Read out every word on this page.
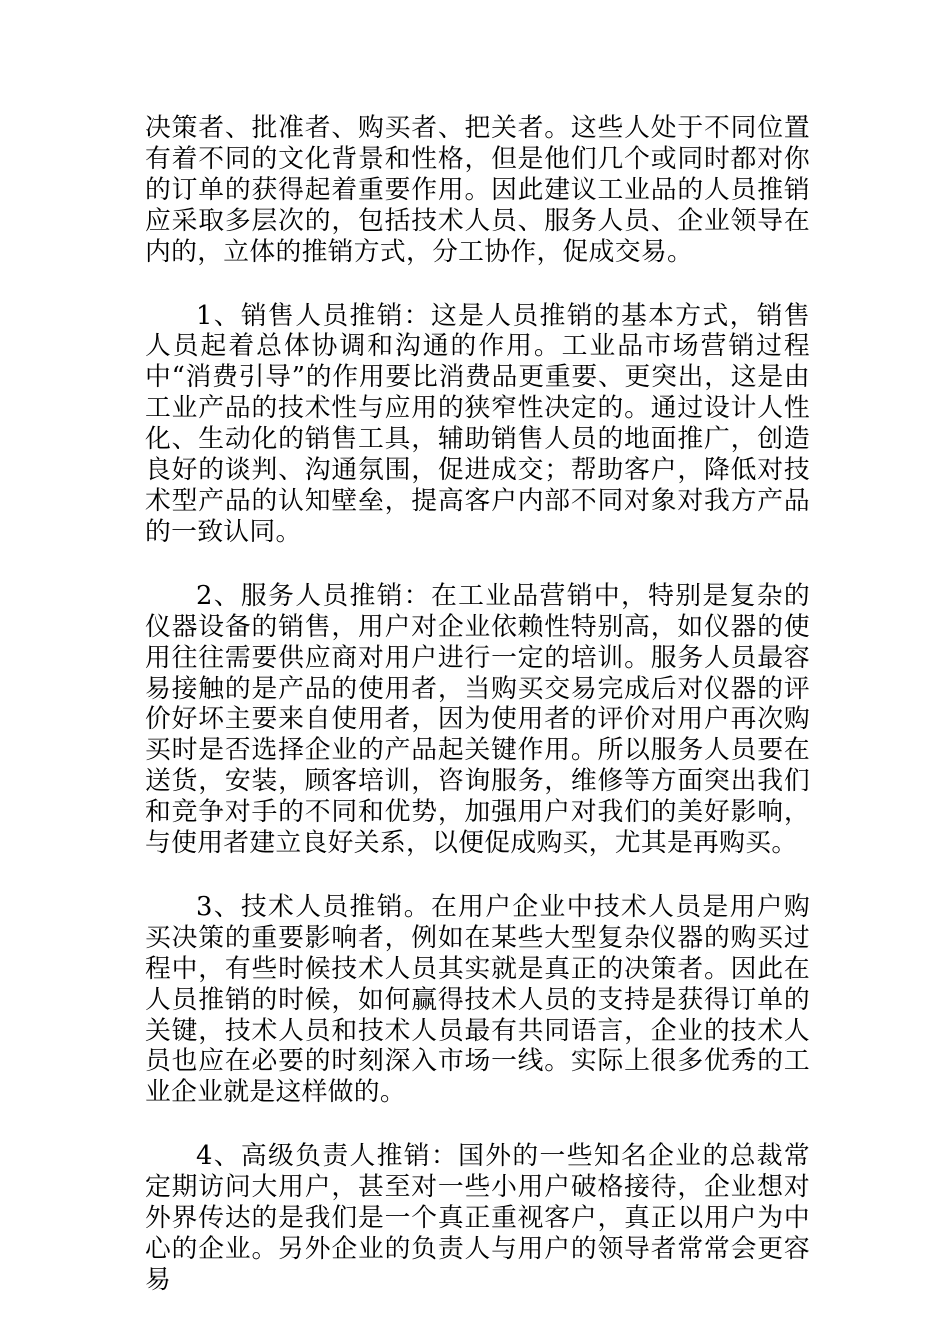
决策者、批准者、购买者、把关者。这些人处于不同位置有着不同的文化背景和性格，但是他们几个或同时都对你的订单的获得起着重要作用。因此建议工业品的人员推销应采取多层次的，包括技术人员、服务人员、企业领导在内的，立体的推销方式，分工协作，促成交易。

1、销售人员推销：这是人员推销的基本方式，销售人员起着总体协调和沟通的作用。工业品市场营销过程中“消费引导”的作用要比消费品更重要、更突出，这是由工业产品的技术性与应用的狭窄性决定的。通过设计人性化、生动化的销售工具，辅助销售人员的地面推广，创造良好的谈判、沟通氛围，促进成交；帮助客户，降低对技术型产品的认知壁垒，提高客户内部不同对象对我方产品的一致认同。

2、服务人员推销：在工业品营销中，特别是复杂的仪器设备的销售，用户对企业依赖性特别高，如仪器的使用往往需要供应商对用户进行一定的培训。服务人员最容易接触的是产品的使用者，当购买交易完成后对仪器的评价好坏主要来自使用者，因为使用者的评价对用户再次购买时是否选择企业的产品起关键作用。所以服务人员要在送货，安装，顾客培训，咨询服务，维修等方面突出我们和竞争对手的不同和优势，加强用户对我们的美好影响，与使用者建立良好关系，以便促成购买，尤其是再购买。

3、技术人员推销。在用户企业中技术人员是用户购买决策的重要影响者，例如在某些大型复杂仪器的购买过程中，有些时候技术人员其实就是真正的决策者。因此在人员推销的时候，如何赢得技术人员的支持是获得订单的关键，技术人员和技术人员最有共同语言，企业的技术人员也应在必要的时刻深入市场一线。实际上很多优秀的工业企业就是这样做的。

4、高级负责人推销：国外的一些知名企业的总裁常定期访问大用户，甚至对一些小用户破格接待，企业想对外界传达的是我们是一个真正重视客户，真正以用户为中心的企业。另外企业的负责人与用户的领导者常常会更容易
